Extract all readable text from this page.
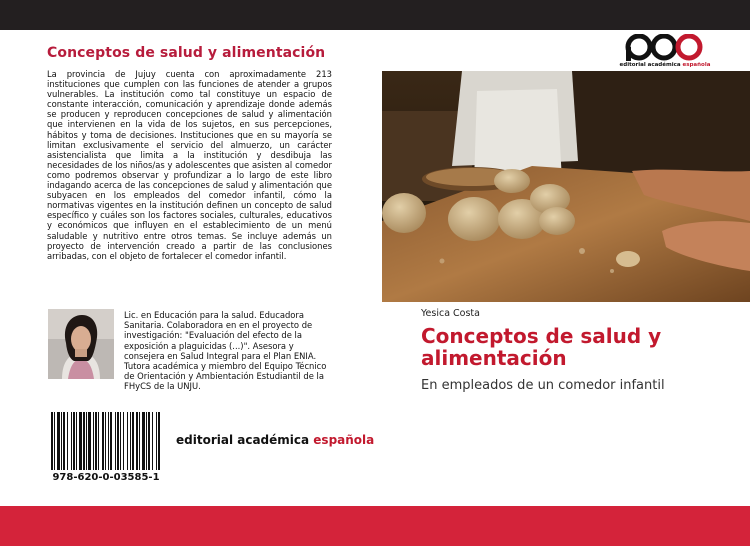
Conceptos de salud y alimentación
La provincia de Jujuy cuenta con aproximadamente 213 instituciones que cumplen con las funciones de atender a grupos vulnerables. La institución como tal constituye un espacio de constante interacción, comunicación y aprendizaje donde además se producen y reproducen concepciones de salud y alimentación que intervienen en la vida de los sujetos, en sus percepciones, hábitos y toma de decisiones. Instituciones que en su mayoría se limitan exclusivamente el servicio del almuerzo, un carácter asistencialista que limita a la institución y desdibuja las necesidades de los niños/as y adolescentes que asisten al comedor como podremos observar y profundizar a lo largo de este libro indagando acerca de las concepciones de salud y alimentación que subyacen en los empleados del comedor infantil, cómo la normativas vigentes en la institución definen un concepto de salud específico y cuáles son los factores sociales, culturales, educativos y económicos que influyen en el establecimiento de un menú saludable y nutritivo entre otros temas. Se incluye además un proyecto de intervención creado a partir de las conclusiones arribadas, con el objeto de fortalecer el comedor infantil.
Lic. en Educación para la salud. Educadora Sanitaria. Colaboradora en en el proyecto de investigación: "Evaluación del efecto de la exposición a plaguicidas (...)". Asesora y consejera en Salud Integral para el Plan ENIA. Tutora académica y miembro del Equipo Técnico de Orientación y Ambientación Estudiantil de la FHyCS de la UNJU.
978-620-0-03585-1
editorial académica española
editorial académica española
Yesica Costa
Conceptos de salud y alimentación
En empleados de un comedor infantil
